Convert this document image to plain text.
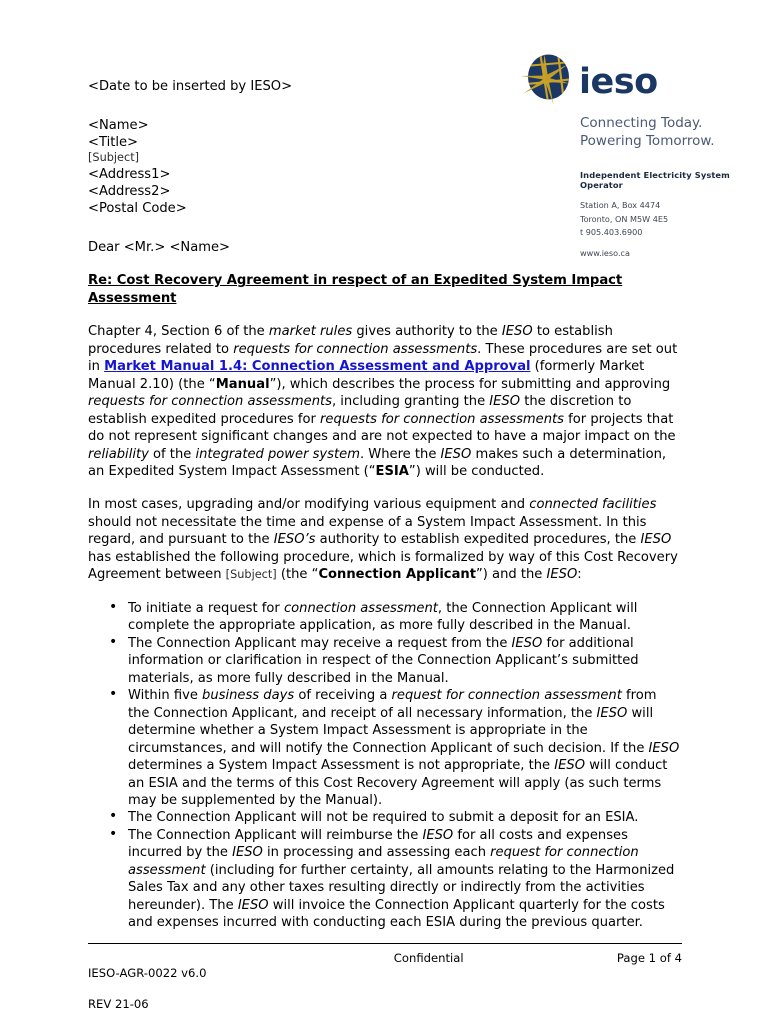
ieso
Connecting Today.
Powering Tomorrow.
Independent Electricity System Operator
Station A, Box 4474
Toronto, ON M5W 4E5
t 905.403.6900
www.ieso.ca
<Date to be inserted by IESO>
<Name>
<Title>
[Subject]
<Address1>
<Address2>
<Postal Code>
Dear <Mr.> <Name>
Re: Cost Recovery Agreement in respect of an Expedited System Impact Assessment

Chapter 4, Section 6 of the market rules gives authority to the IESO to establish procedures related to requests for connection assessments. These procedures are set out in Market Manual 1.4: Connection Assessment and Approval (formerly Market Manual 2.10) (the “Manual”), which describes the process for submitting and approving requests for connection assessments, including granting the IESO the discretion to establish expedited procedures for requests for connection assessments for projects that do not represent significant changes and are not expected to have a major impact on the reliability of the integrated power system. Where the IESO makes such a determination, an Expedited System Impact Assessment (“ESIA”) will be conducted.

In most cases, upgrading and/or modifying various equipment and connected facilities should not necessitate the time and expense of a System Impact Assessment. In this regard, and pursuant to the IESO’s authority to establish expedited procedures, the IESO has established the following procedure, which is formalized by way of this Cost Recovery Agreement between [Subject] (the “Connection Applicant”) and the IESO:

• To initiate a request for connection assessment, the Connection Applicant will complete the appropriate application, as more fully described in the Manual.
• The Connection Applicant may receive a request from the IESO for additional information or clarification in respect of the Connection Applicant’s submitted materials, as more fully described in the Manual.
• Within five business days of receiving a request for connection assessment from the Connection Applicant, and receipt of all necessary information, the IESO will determine whether a System Impact Assessment is appropriate in the circumstances, and will notify the Connection Applicant of such decision. If the IESO determines a System Impact Assessment is not appropriate, the IESO will conduct an ESIA and the terms of this Cost Recovery Agreement will apply (as such terms may be supplemented by the Manual).
• The Connection Applicant will not be required to submit a deposit for an ESIA.
• The Connection Applicant will reimburse the IESO for all costs and expenses incurred by the IESO in processing and assessing each request for connection assessment (including for further certainty, all amounts relating to the Harmonized Sales Tax and any other taxes resulting directly or indirectly from the activities hereunder). The IESO will invoice the Connection Applicant quarterly for the costs and expenses incurred with conducting each ESIA during the previous quarter.

IESO-AGR-0022 v6.0

REV 21-06

Confidential	Page 1 of 4
